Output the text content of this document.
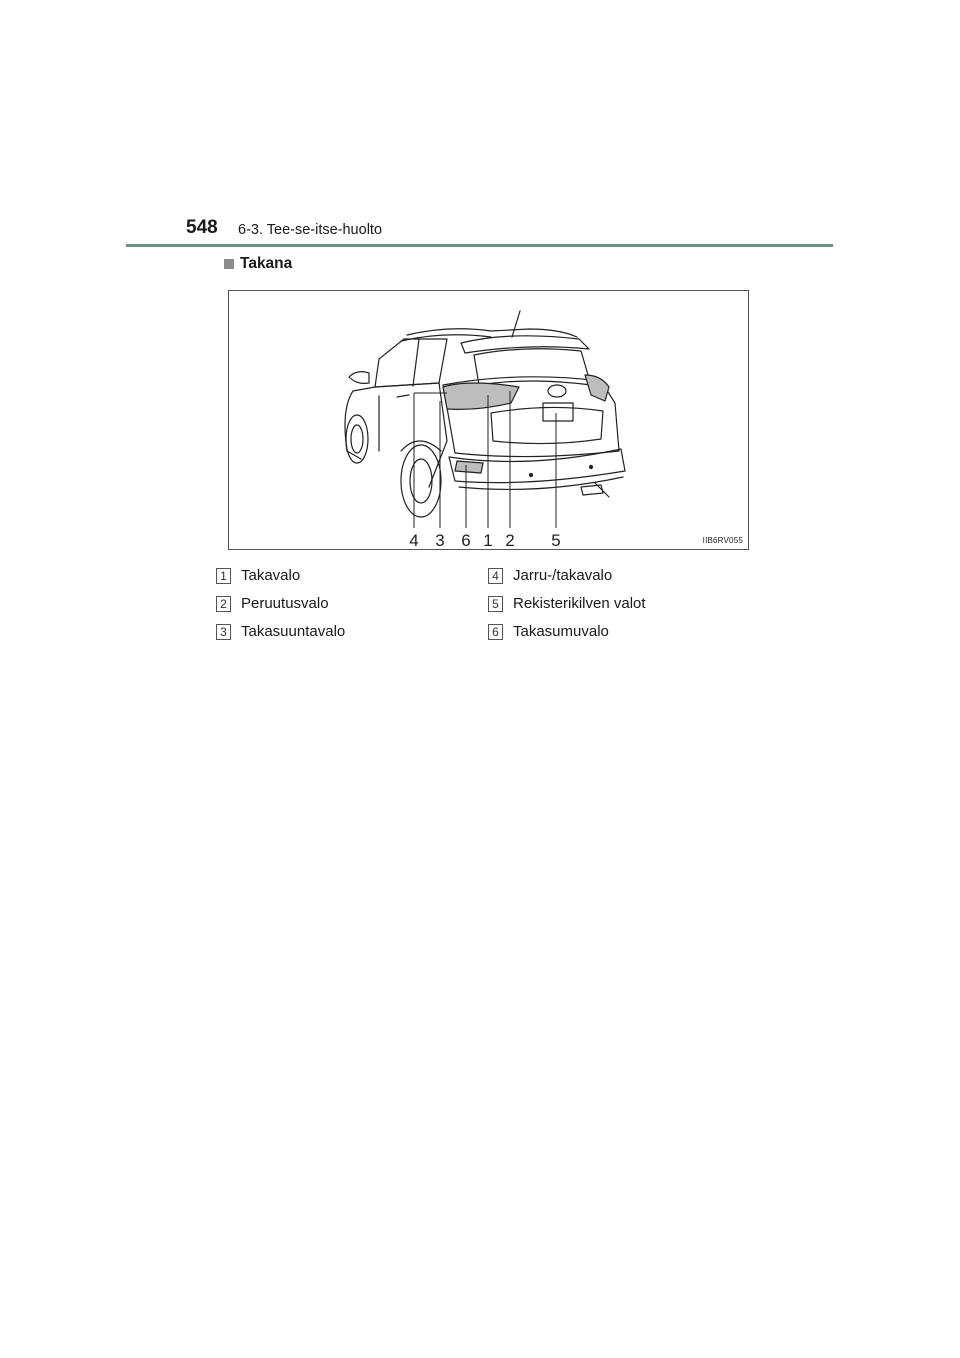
548 6-3. Tee-se-itse-huolto
Takana
4 3 6 1 2 5	IIB6RV055
1 Takavalo
2 Peruutusvalo
3 Takasuuntavalo
4 Jarru-/takavalo
5 Rekisterikilven valot
6 Takasumuvalo
